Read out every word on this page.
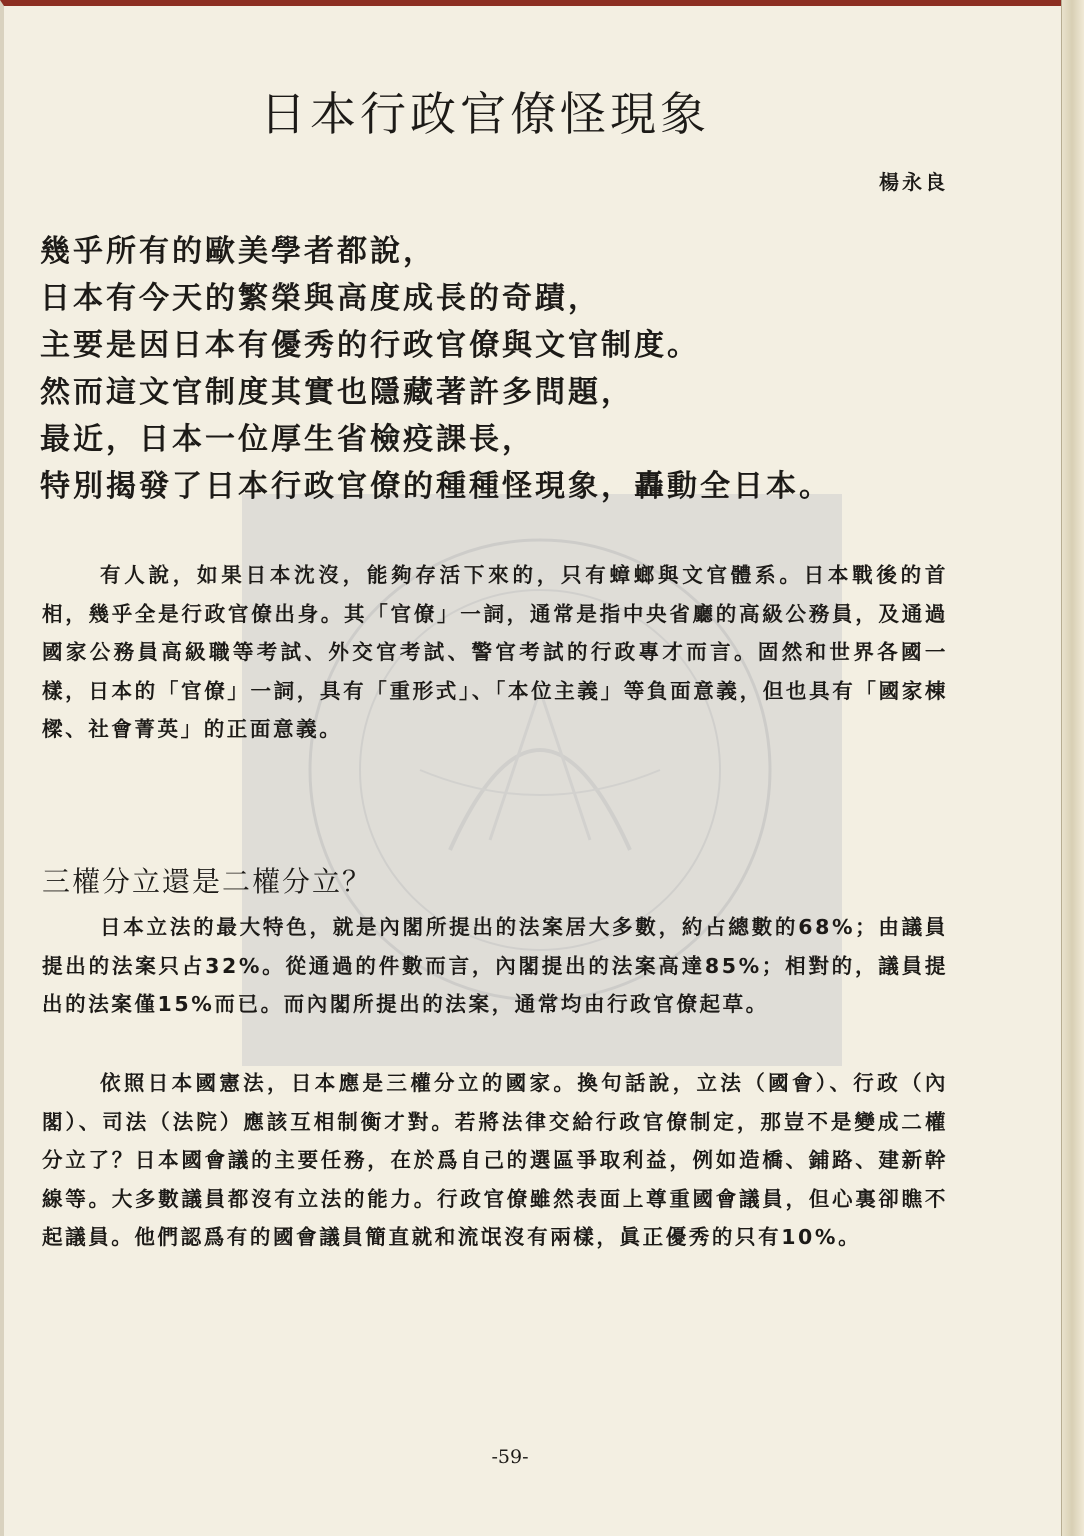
日本行政官僚怪現象
楊永良
幾乎所有的歐美學者都說，
日本有今天的繁榮與高度成長的奇蹟，
主要是因日本有優秀的行政官僚與文官制度。
然而這文官制度其實也隱藏著許多問題，
最近，日本一位厚生省檢疫課長，
特別揭發了日本行政官僚的種種怪現象，轟動全日本。

有人說，如果日本沈沒，能夠存活下來的，只有蟑螂與文官體系。日本戰後的首相，幾乎全是行政官僚出身。其「官僚」一詞，通常是指中央省廳的高級公務員，及通過國家公務員高級職等考試、外交官考試、警官考試的行政專才而言。固然和世界各國一樣，日本的「官僚」一詞，具有「重形式」、「本位主義」等負面意義，但也具有「國家棟樑、社會菁英」的正面意義。

三權分立還是二權分立？

日本立法的最大特色，就是內閣所提出的法案居大多數，約占總數的68%；由議員提出的法案只占32%。從通過的件數而言，內閣提出的法案高達85%；相對的，議員提出的法案僅15%而已。而內閣所提出的法案，通常均由行政官僚起草。

依照日本國憲法，日本應是三權分立的國家。換句話說，立法（國會）、行政（內閣）、司法（法院）應該互相制衡才對。若將法律交給行政官僚制定，那豈不是變成二權分立了？日本國會議的主要任務，在於爲自己的選區爭取利益，例如造橋、鋪路、建新幹線等。大多數議員都沒有立法的能力。行政官僚雖然表面上尊重國會議員，但心裏卻瞧不起議員。他們認爲有的國會議員簡直就和流氓沒有兩樣，眞正優秀的只有10%。

-59-
